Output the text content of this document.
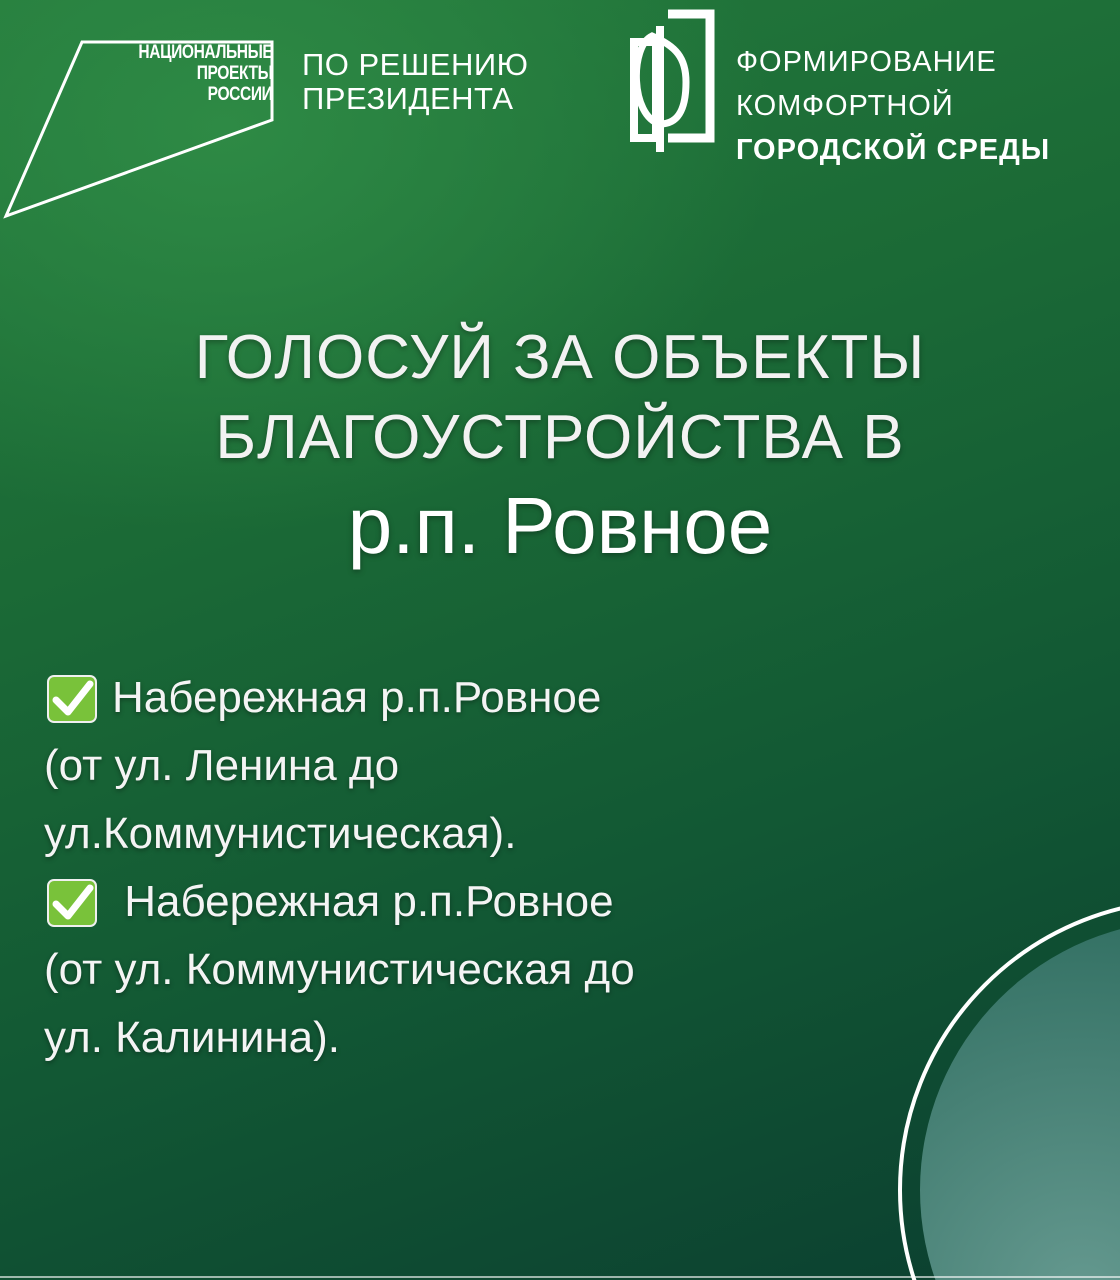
НАЦИОНАЛЬНЫЕ
ПРОЕКТЫ
РОССИИ
ПО РЕШЕНИЮ
ПРЕЗИДЕНТА
ФОРМИРОВАНИЕ
КОМФОРТНОЙ
ГОРОДСКОЙ СРЕДЫ
ГОЛОСУЙ ЗА ОБЪЕКТЫ
БЛАГОУСТРОЙСТВА В
р.п. Ровное
Набережная р.п.Ровное
(от ул. Ленина до
ул.Коммунистическая).
Набережная р.п.Ровное
(от ул. Коммунистическая до
ул. Калинина).
